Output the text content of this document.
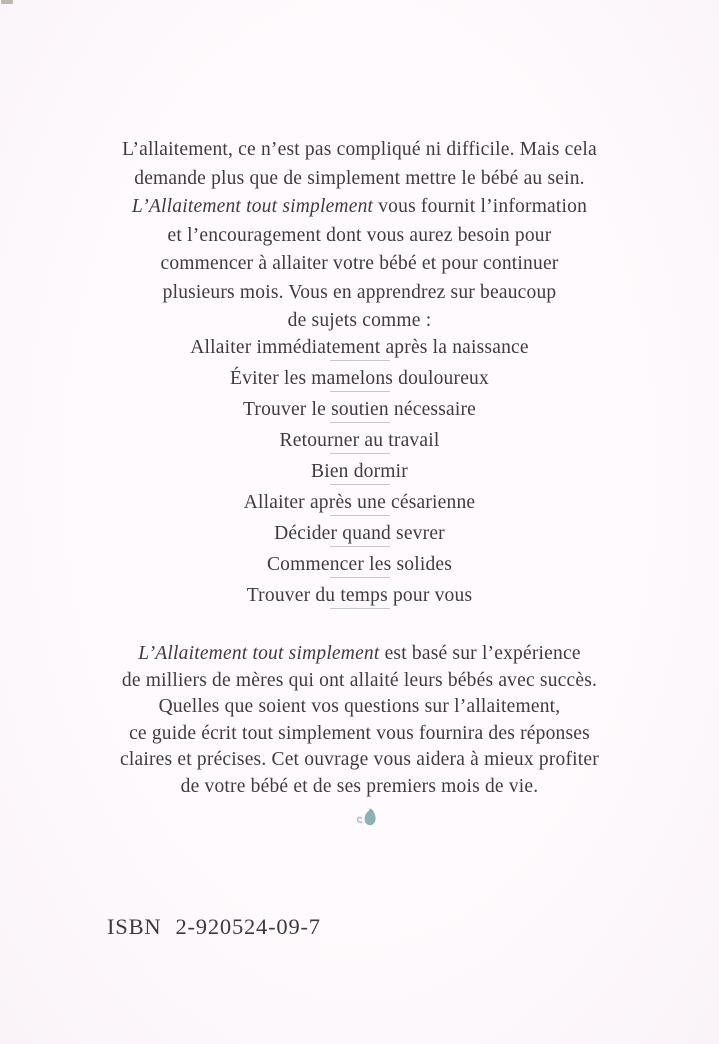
L’allaitement, ce n’est pas compliqué ni difficile. Mais cela
demande plus que de simplement mettre le bébé au sein.
L’Allaitement tout simplement vous fournit l’information
et l’encouragement dont vous aurez besoin pour
commencer à allaiter votre bébé et pour continuer
plusieurs mois. Vous en apprendrez sur beaucoup
de sujets comme :

Allaiter immédiatement après la naissance
Éviter les mamelons douloureux
Trouver le soutien nécessaire
Retourner au travail
Bien dormir
Allaiter après une césarienne
Décider quand sevrer
Commencer les solides
Trouver du temps pour vous

L’Allaitement tout simplement est basé sur l’expérience
de milliers de mères qui ont allaité leurs bébés avec succès.
Quelles que soient vos questions sur l’allaitement,
ce guide écrit tout simplement vous fournira des réponses
claires et précises. Cet ouvrage vous aidera à mieux profiter
de votre bébé et de ses premiers mois de vie.

ISBN 2-920524-09-7
